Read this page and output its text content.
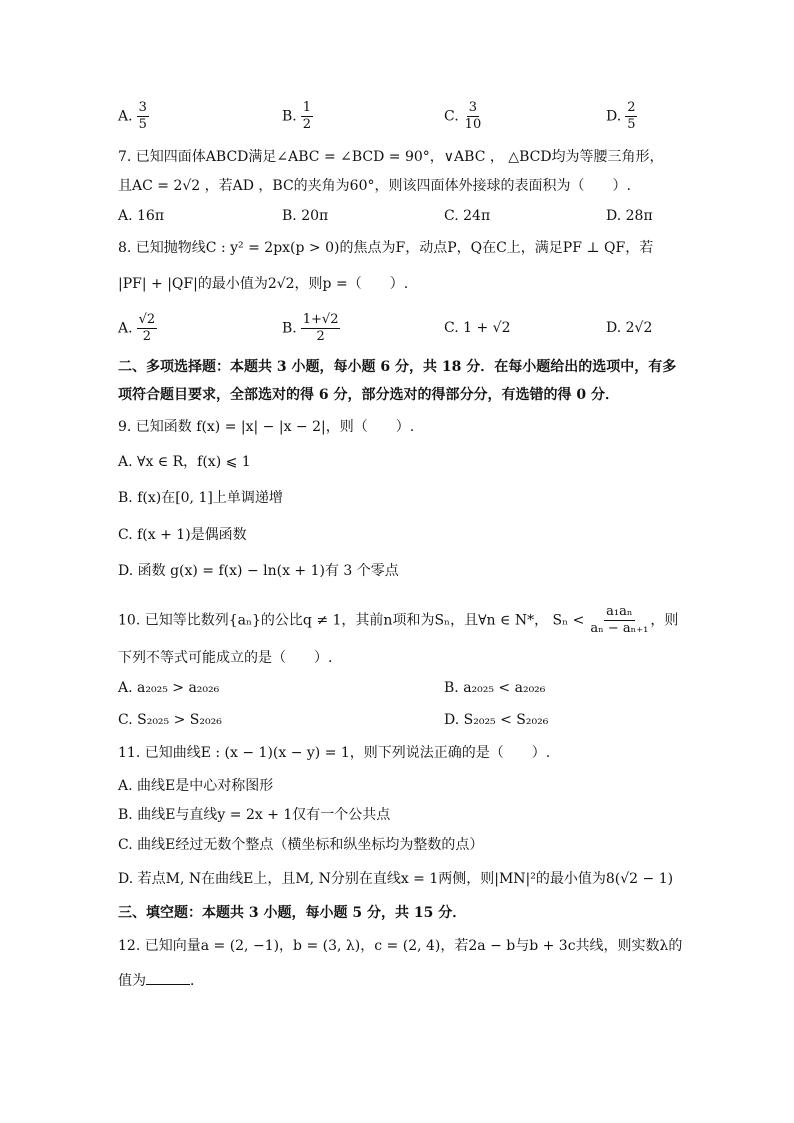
A. $\frac{3}{5}$	B. $\frac{1}{2}$	C. $\frac{3}{10}$	D. $\frac{2}{5}$
7. 已知四面体ABCD满足∠ABC = ∠BCD = 90°，∨ABC ， △BCD均为等腰三角形，
且AC = 2√2 ，若AD ，BC的夹角为60°，则该四面体外接球的表面积为（　　）.
A. 16π	B. 20π	C. 24π	D. 28π
8. 已知抛物线C : y² = 2px(p > 0)的焦点为F，动点P，Q在C上，满足PF ⊥ QF，若
|PF| + |QF|的最小值为2√2，则p =（　　）.
A. $\frac{√2}{2}$	B. $\frac{1+√2}{2}$	C. 1 + √2	D. 2√2
二、多项选择题：本题共 3 小题，每小题 6 分，共 18 分．在每小题给出的选项中，有多
项符合题目要求，全部选对的得 6 分，部分选对的得部分分，有选错的得 0 分．
9. 已知函数 f(x) = |x| − |x − 2|，则（　　）.
A. ∀x ∈ R，f(x) ⩽ 1
B. f(x)在[0, 1]上单调递增
C. f(x + 1)是偶函数
D. 函数 g(x) = f(x) − ln(x + 1)有 3 个零点
10. 已知等比数列{aₙ}的公比q ≠ 1，其前n项和为Sₙ，且∀n ∈ N*， $S_n < \frac{\text{a₁aₙ}}{\text{aₙ − aₙ₊₁}}$ ，则
下列不等式可能成立的是（　　）.
A. a₂₀₂₅ > a₂₀₂₆	B. a₂₀₂₅ < a₂₀₂₆
C. S₂₀₂₅ > S₂₀₂₆	D. S₂₀₂₅ < S₂₀₂₆
11. 已知曲线E : (x − 1)(x − y) = 1，则下列说法正确的是（　　）.
A. 曲线E是中心对称图形
B. 曲线E与直线y = 2x + 1仅有一个公共点
C. 曲线E经过无数个整点（横坐标和纵坐标均为整数的点）
D. 若点M, N在曲线E上，且M, N分别在直线x = 1两侧，则|MN|²的最小值为8(√2 − 1)
三、填空题：本题共 3 小题，每小题 5 分，共 15 分．
12. 已知向量a = (2, −1)，b = (3, λ)，c = (2, 4)，若2a − b与b + 3c共线，则实数λ的
值为	．
